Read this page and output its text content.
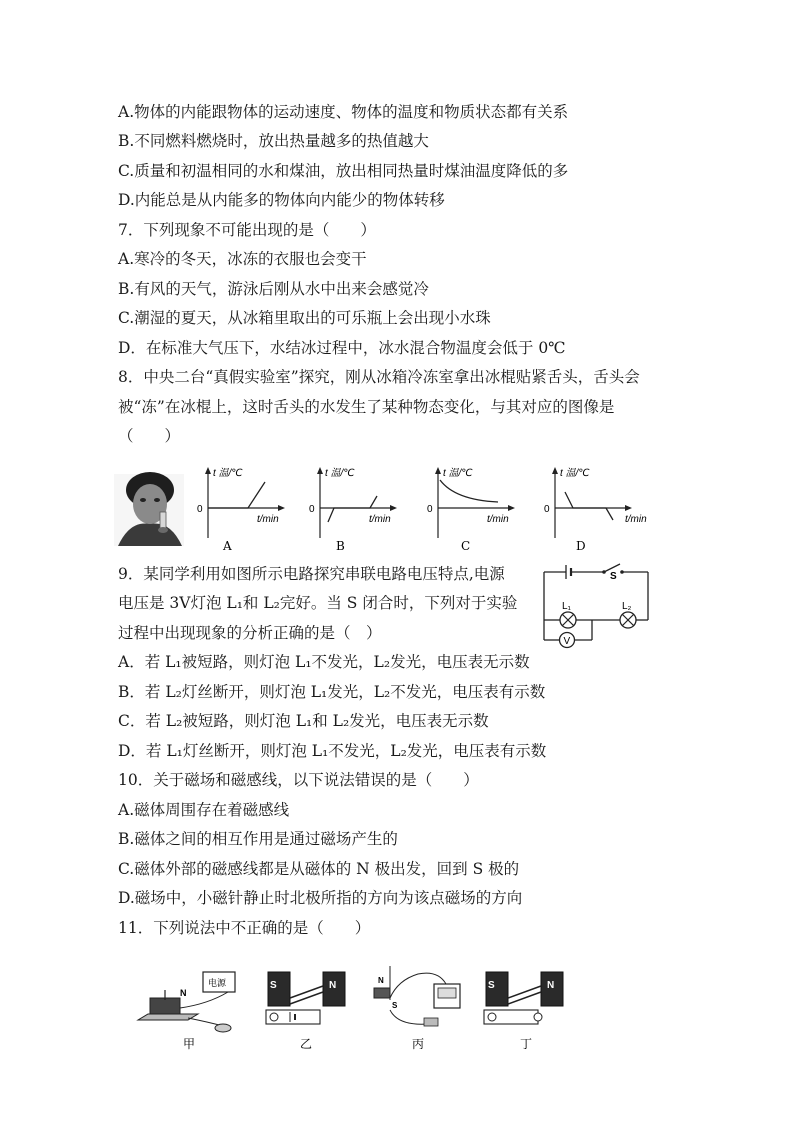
A.物体的内能跟物体的运动速度、物体的温度和物质状态都有关系
B.不同燃料燃烧时，放出热量越多的热值越大
C.质量和初温相同的水和煤油，放出相同热量时煤油温度降低的多
D.内能总是从内能多的物体向内能少的物体转移
7．下列现象不可能出现的是（　　）
A.寒冷的冬天，冰冻的衣服也会变干
B.有风的天气，游泳后刚从水中出来会感觉冷
C.潮湿的夏天，从冰箱里取出的可乐瓶上会出现小水珠
D．在标准大气压下，水结冰过程中，冰水混合物温度会低于 0℃
8．中央二台“真假实验室”探究，刚从冰箱冷冻室拿出冰棍贴紧舌头，舌头会
被“冻”在冰棍上，这时舌头的水发生了某种物态变化，与其对应的图像是
（　　）
t 温/℃
0
t/min
A
t 温/℃
0
t/min
B
t 温/℃
0
t/min
C
t 温/℃
0
t/min
D
9．某同学利用如图所示电路探究串联电路电压特点,电源
电压是 3V灯泡 L₁和 L₂完好。当 S 闭合时，下列对于实验
过程中出现现象的分析正确的是（　）	V
S
L₁	L₂
A．若 L₁被短路，则灯泡 L₁不发光，L₂发光，电压表无示数
B．若 L₂灯丝断开，则灯泡 L₁发光，L₂不发光，电压表有示数
C．若 L₂被短路，则灯泡 L₁和 L₂发光，电压表无示数
D．若 L₁灯丝断开，则灯泡 L₁不发光，L₂发光，电压表有示数
10．关于磁场和磁感线，以下说法错误的是（　　）
A.磁体周围存在着磁感线
B.磁体之间的相互作用是通过磁场产生的
C.磁体外部的磁感线都是从磁体的 N 极出发，回到 S 极的
D.磁场中，小磁针静止时北极所指的方向为该点磁场的方向
11．下列说法中不正确的是（　　）
电源
N
甲
S	N
乙
N
S
丙
S	N
丁
